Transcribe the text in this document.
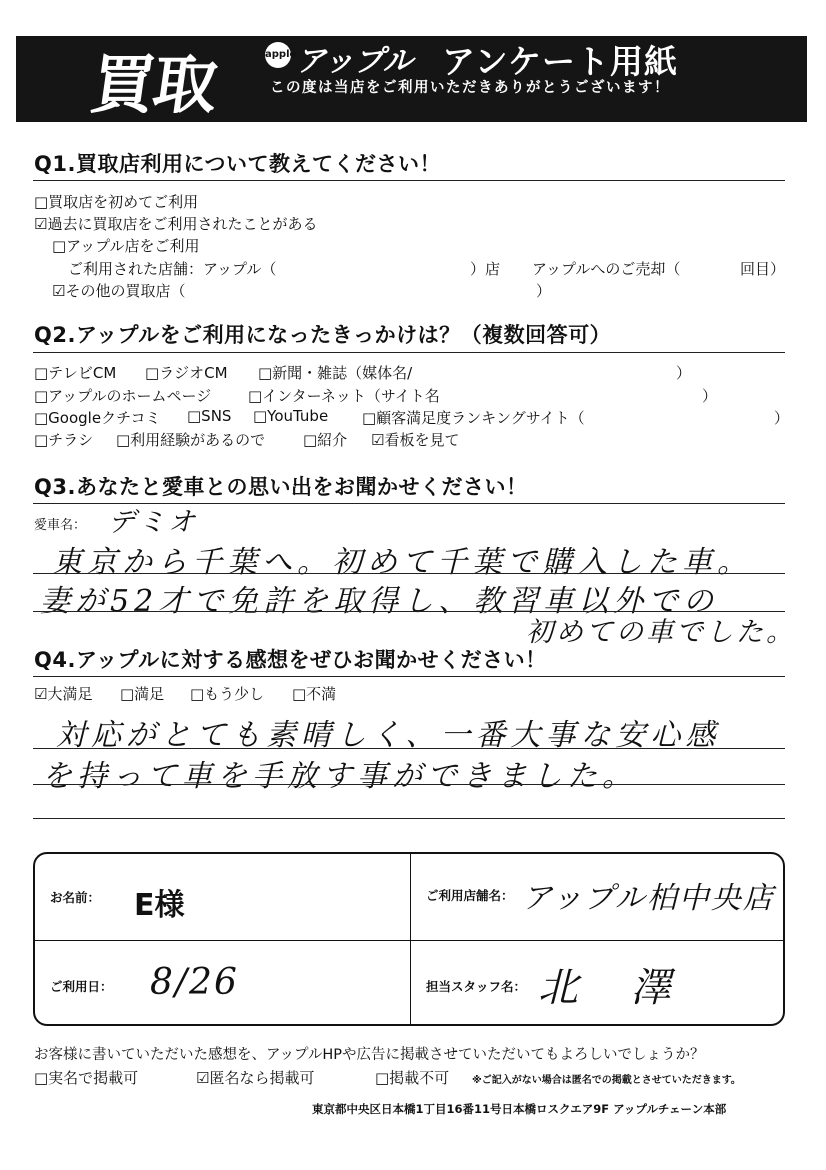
買取	apple アップル アンケート用紙
この度は当店をご利用いただきありがとうございます！
Q1.買取店利用について教えてください！
□買取店を初めてご利用
☑過去に買取店をご利用されたことがある
□アップル店をご利用
ご利用された店舗：アップル（	）店 アップルへのご売却（	回目）
☑その他の買取店（	）
Q2.アップルをご利用になったきっかけは？（複数回答可）
□テレビCM □ラジオCM □新聞・雑誌（媒体名/	）
□アップルのホームページ □インターネット（サイト名	）
□Googleクチコミ □SNS □YouTube □顧客満足度ランキングサイト（	）
□チラシ □利用経験があるので	□紹介 ☑看板を見て
Q3.あなたと愛車との思い出をお聞かせください！
愛車名： デミオ
東京から千葉へ。初めて千葉で購入した車。
妻が52才で免許を取得し、教習車以外での
初めての車でした。
Q4.アップルに対する感想をぜひお聞かせください！
☑大満足 □満足 □もう少し □不満
対応がとても素晴しく、一番大事な安心感
を持って車を手放す事ができました。
お名前： E様	ご利用店舗名： アップル柏中央店
ご利用日： 8/26	担当スタッフ名： 北 澤
お客様に書いていただいた感想を、アップルHPや広告に掲載させていただいてもよろしいでしょうか？
□実名で掲載可	☑匿名なら掲載可	□掲載不可 ※ご記入がない場合は匿名での掲載とさせていただきます。
東京都中央区日本橋1丁目16番11号日本橋ロスクエア9F アップルチェーン本部
